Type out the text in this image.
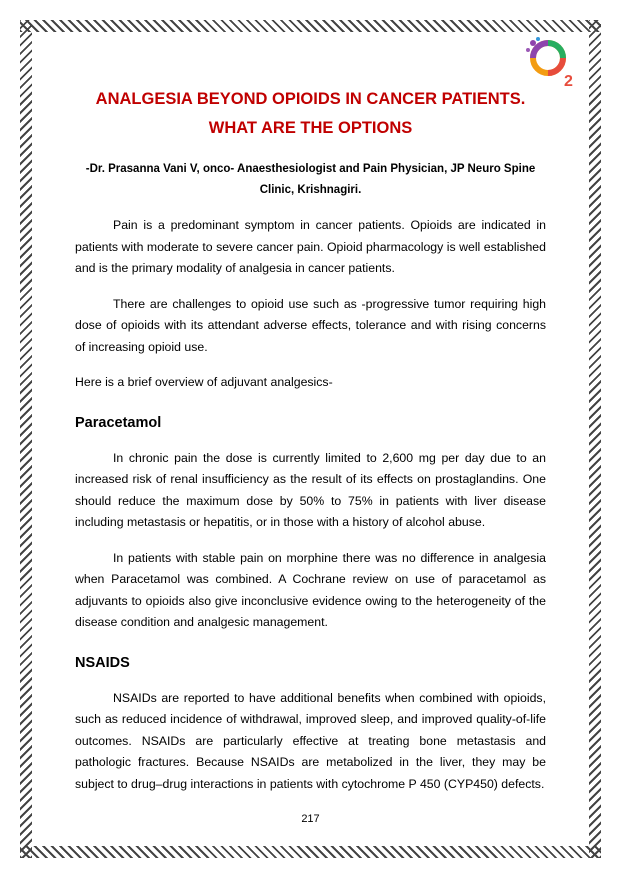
2

ANALGESIA BEYOND OPIOIDS IN CANCER PATIENTS.

WHAT ARE THE OPTIONS

-Dr. Prasanna Vani V, onco- Anaesthesiologist and Pain Physician, JP Neuro Spine

Clinic, Krishnagiri.

Pain is a predominant symptom in cancer patients. Opioids are indicated in patients with moderate to severe cancer pain. Opioid pharmacology is well established and is the primary modality of analgesia in cancer patients.

There are challenges to opioid use such as -progressive tumor requiring high dose of opioids with its attendant adverse effects, tolerance and with rising concerns of increasing opioid use.

Here is a brief overview of adjuvant analgesics-

Paracetamol

In chronic pain the dose is currently limited to 2,600 mg per day due to an increased risk of renal insufficiency as the result of its effects on prostaglandins. One should reduce the maximum dose by 50% to 75% in patients with liver disease including metastasis or hepatitis, or in those with a history of alcohol abuse.

In patients with stable pain on morphine there was no difference in analgesia when Paracetamol was combined. A Cochrane review on use of paracetamol as adjuvants to opioids also give inconclusive evidence owing to the heterogeneity of the disease condition and analgesic management.

NSAIDS

NSAIDs are reported to have additional benefits when combined with opioids, such as reduced incidence of withdrawal, improved sleep, and improved quality-of-life outcomes. NSAIDs are particularly effective at treating bone metastasis and pathologic fractures. Because NSAIDs are metabolized in the liver, they may be subject to drug–drug interactions in patients with cytochrome P 450 (CYP450) defects.

217
